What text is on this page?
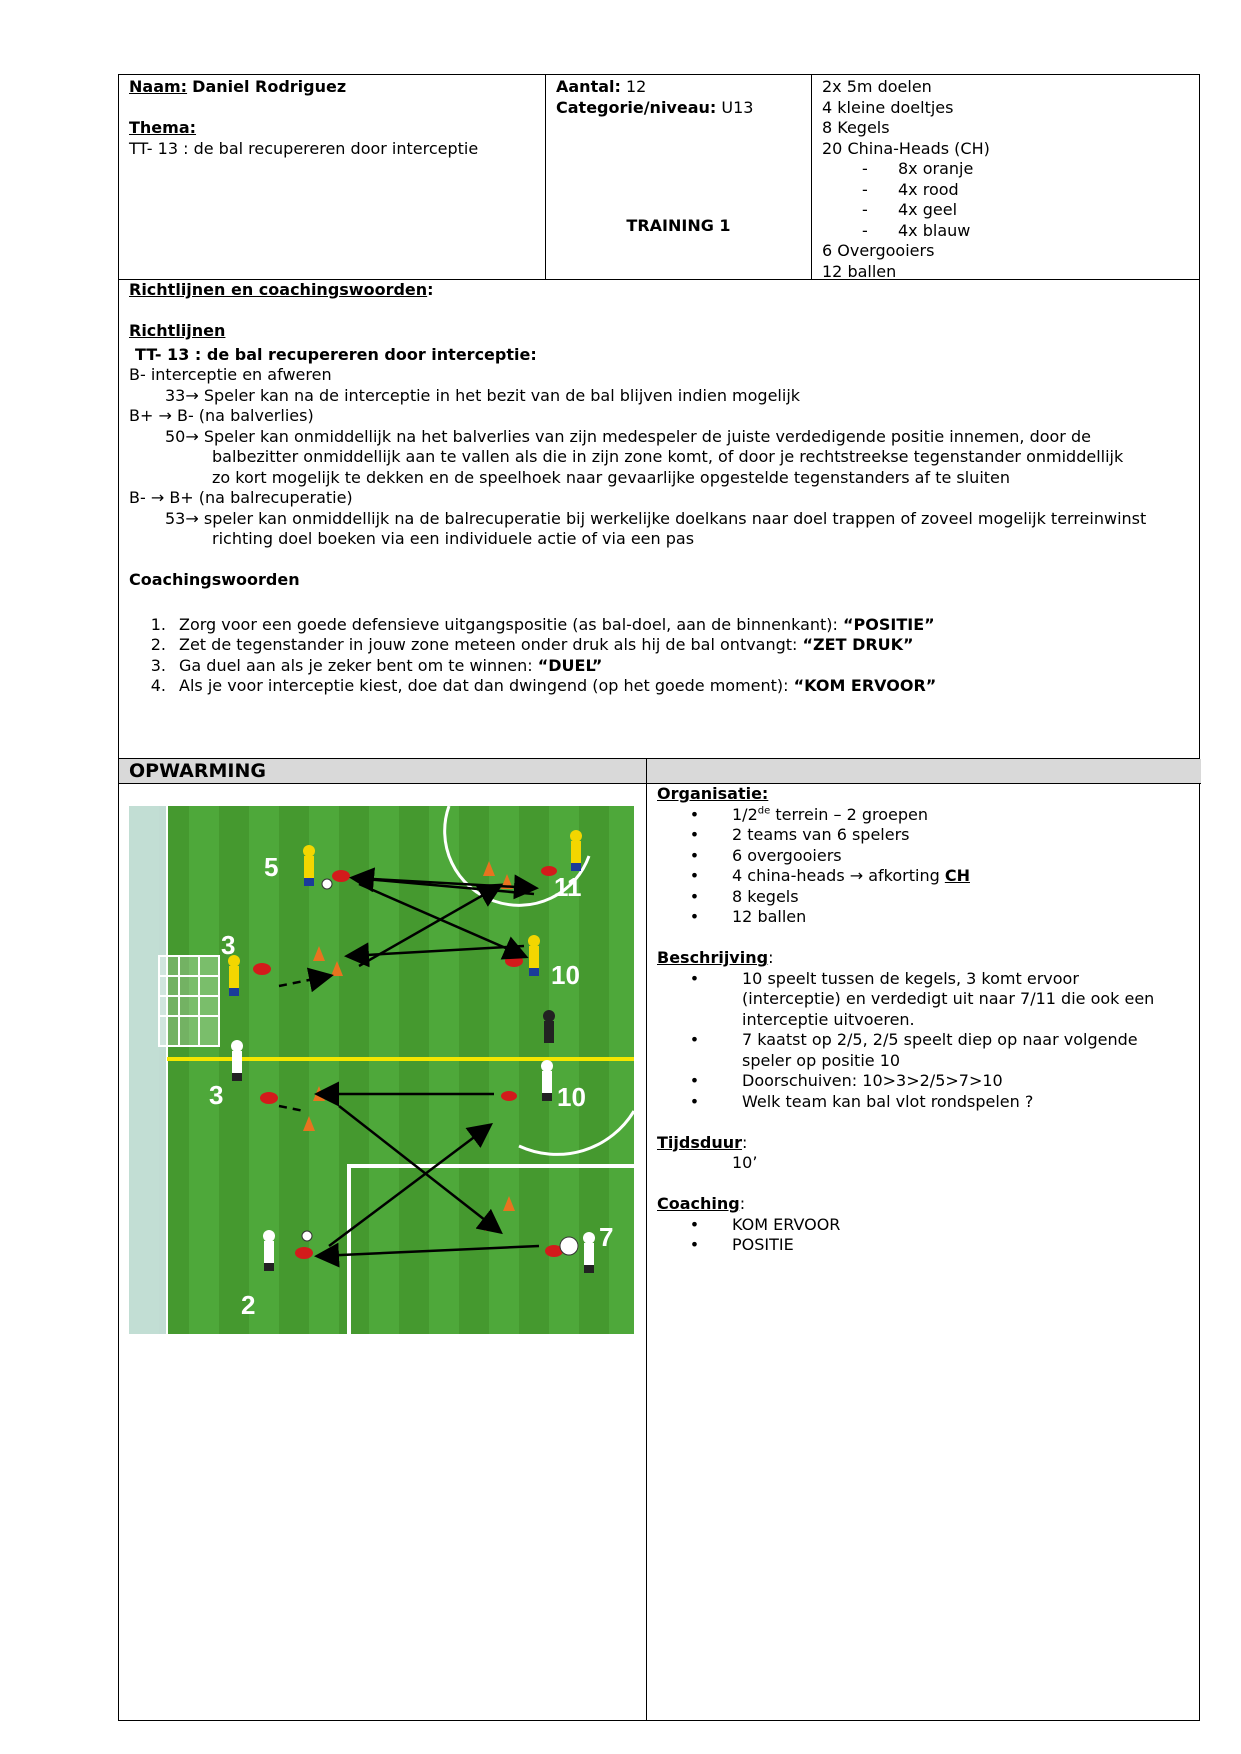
Naam: Daniel Rodriguez
Thema:
TT- 13 : de bal recupereren door interceptie
Aantal: 12
Categorie/niveau: U13
TRAINING 1
2x 5m doelen
4 kleine doeltjes
8 Kegels
20 China-Heads (CH)
- 8x oranje
- 4x rood
- 4x geel
- 4x blauw
6 Overgooiers
12 ballen
Richtlijnen en coachingswoorden:
Richtlijnen
TT- 13 : de bal recupereren door interceptie:
B- interceptie en afweren
33→ Speler kan na de interceptie in het bezit van de bal blijven indien mogelijk
B+ → B- (na balverlies)
50→ Speler kan onmiddellijk na het balverlies van zijn medespeler de juiste verdedigende positie innemen, door de
balbezitter onmiddellijk aan te vallen als die in zijn zone komt, of door je rechtstreekse tegenstander onmiddellijk
zo kort mogelijk te dekken en de speelhoek naar gevaarlijke opgestelde tegenstanders af te sluiten
B- → B+ (na balrecuperatie)
53→ speler kan onmiddellijk na de balrecuperatie bij werkelijke doelkans naar doel trappen of zoveel mogelijk terreinwinst
richting doel boeken via een individuele actie of via een pas
Coachingswoorden
1. Zorg voor een goede defensieve uitgangspositie (as bal-doel, aan de binnenkant): “POSITIE”
2. Zet de tegenstander in jouw zone meteen onder druk als hij de bal ontvangt: “ZET DRUK”
3. Ga duel aan als je zeker bent om te winnen: “DUEL”
4. Als je voor interceptie kiest, doe dat dan dwingend (op het goede moment): “KOM ERVOOR”
OPWARMING
5
11
3
10
3	10
7
2
Organisatie:
•	1/2de terrein – 2 groepen
•	2 teams van 6 spelers
•	6 overgooiers
•	4 china-heads → afkorting CH
•	8 kegels
•	12 ballen
Beschrijving:
•	10 speelt tussen de kegels, 3 komt ervoor
(interceptie) en verdedigt uit naar 7/11 die ook een
interceptie uitvoeren.
•	7 kaatst op 2/5, 2/5 speelt diep op naar volgende
speler op positie 10
•	Doorschuiven: 10>3>2/5>7>10
•	Welk team kan bal vlot rondspelen ?
Tijdsduur:
10’
Coaching:
•	KOM ERVOOR
•	POSITIE
